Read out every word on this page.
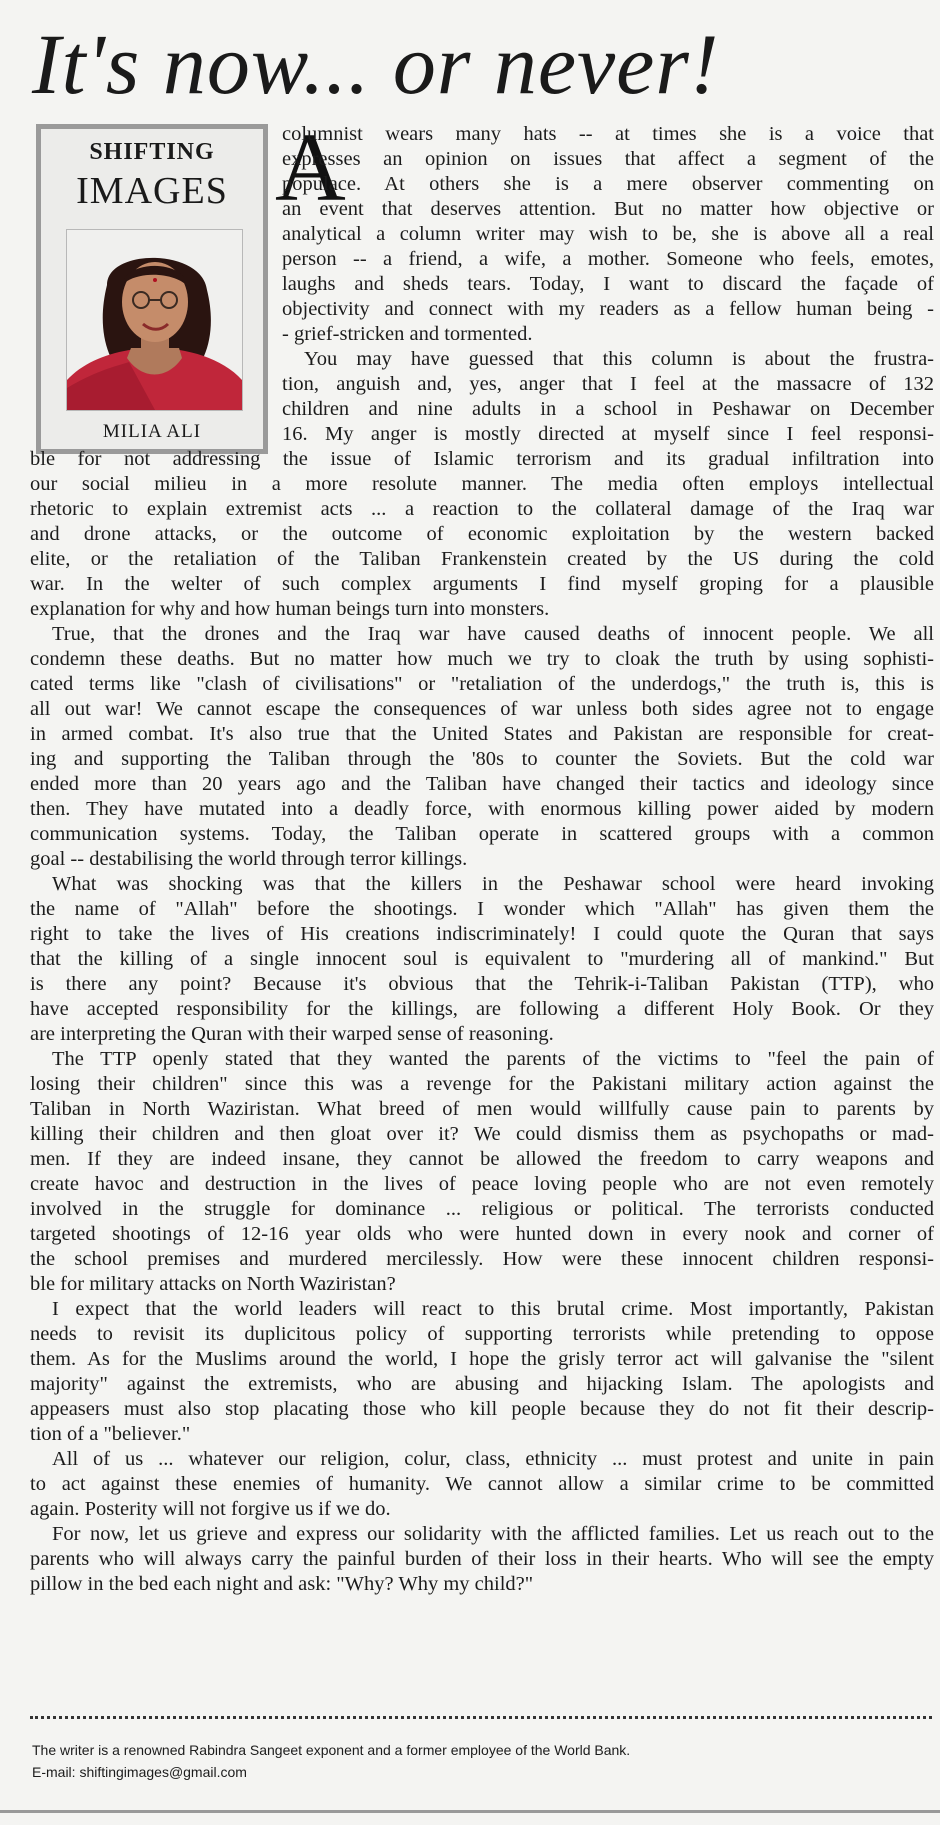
It's now... or never!
SHIFTING
IMAGES
MILIA ALI
A
columnist wears many hats -- at times she is a voice that
expresses an opinion on issues that affect a segment of the
populace. At others she is a mere observer commenting on
an event that deserves attention. But no matter how objective or
analytical a column writer may wish to be, she is above all a real
person -- a friend, a wife, a mother. Someone who feels, emotes,
laughs and sheds tears. Today, I want to discard the façade of
objectivity and connect with my readers as a fellow human being -
- grief-stricken and tormented.
You may have guessed that this column is about the frustra-
tion, anguish and, yes, anger that I feel at the massacre of 132
children and nine adults in a school in Peshawar on December
16. My anger is mostly directed at myself since I feel responsi-
ble for not addressing the issue of Islamic terrorism and its gradual infiltration into
our social milieu in a more resolute manner. The media often employs intellectual
rhetoric to explain extremist acts ... a reaction to the collateral damage of the Iraq war
and drone attacks, or the outcome of economic exploitation by the western backed
elite, or the retaliation of the Taliban Frankenstein created by the US during the cold
war. In the welter of such complex arguments I find myself groping for a plausible
explanation for why and how human beings turn into monsters.
True, that the drones and the Iraq war have caused deaths of innocent people. We all
condemn these deaths. But no matter how much we try to cloak the truth by using sophisti-
cated terms like "clash of civilisations" or "retaliation of the underdogs," the truth is, this is
all out war! We cannot escape the consequences of war unless both sides agree not to engage
in armed combat. It's also true that the United States and Pakistan are responsible for creat-
ing and supporting the Taliban through the '80s to counter the Soviets. But the cold war
ended more than 20 years ago and the Taliban have changed their tactics and ideology since
then. They have mutated into a deadly force, with enormous killing power aided by modern
communication systems. Today, the Taliban operate in scattered groups with a common
goal -- destabilising the world through terror killings.
What was shocking was that the killers in the Peshawar school were heard invoking
the name of "Allah" before the shootings. I wonder which "Allah" has given them the
right to take the lives of His creations indiscriminately! I could quote the Quran that says
that the killing of a single innocent soul is equivalent to "murdering all of mankind." But
is there any point? Because it's obvious that the Tehrik-i-Taliban Pakistan (TTP), who
have accepted responsibility for the killings, are following a different Holy Book. Or they
are interpreting the Quran with their warped sense of reasoning.
The TTP openly stated that they wanted the parents of the victims to "feel the pain of
losing their children" since this was a revenge for the Pakistani military action against the
Taliban in North Waziristan. What breed of men would willfully cause pain to parents by
killing their children and then gloat over it? We could dismiss them as psychopaths or mad-
men. If they are indeed insane, they cannot be allowed the freedom to carry weapons and
create havoc and destruction in the lives of peace loving people who are not even remotely
involved in the struggle for dominance ... religious or political. The terrorists conducted
targeted shootings of 12-16 year olds who were hunted down in every nook and corner of
the school premises and murdered mercilessly. How were these innocent children responsi-
ble for military attacks on North Waziristan?
I expect that the world leaders will react to this brutal crime. Most importantly, Pakistan
needs to revisit its duplicitous policy of supporting terrorists while pretending to oppose
them. As for the Muslims around the world, I hope the grisly terror act will galvanise the "silent
majority" against the extremists, who are abusing and hijacking Islam. The apologists and
appeasers must also stop placating those who kill people because they do not fit their descrip-
tion of a "believer."
All of us ... whatever our religion, colur, class, ethnicity ... must protest and unite in pain
to act against these enemies of humanity. We cannot allow a similar crime to be committed
again. Posterity will not forgive us if we do.
For now, let us grieve and express our solidarity with the afflicted families. Let us reach out to the
parents who will always carry the painful burden of their loss in their hearts. Who will see the empty
pillow in the bed each night and ask: "Why? Why my child?"
The writer is a renowned Rabindra Sangeet exponent and a former employee of the World Bank.
E-mail: shiftingimages@gmail.com
